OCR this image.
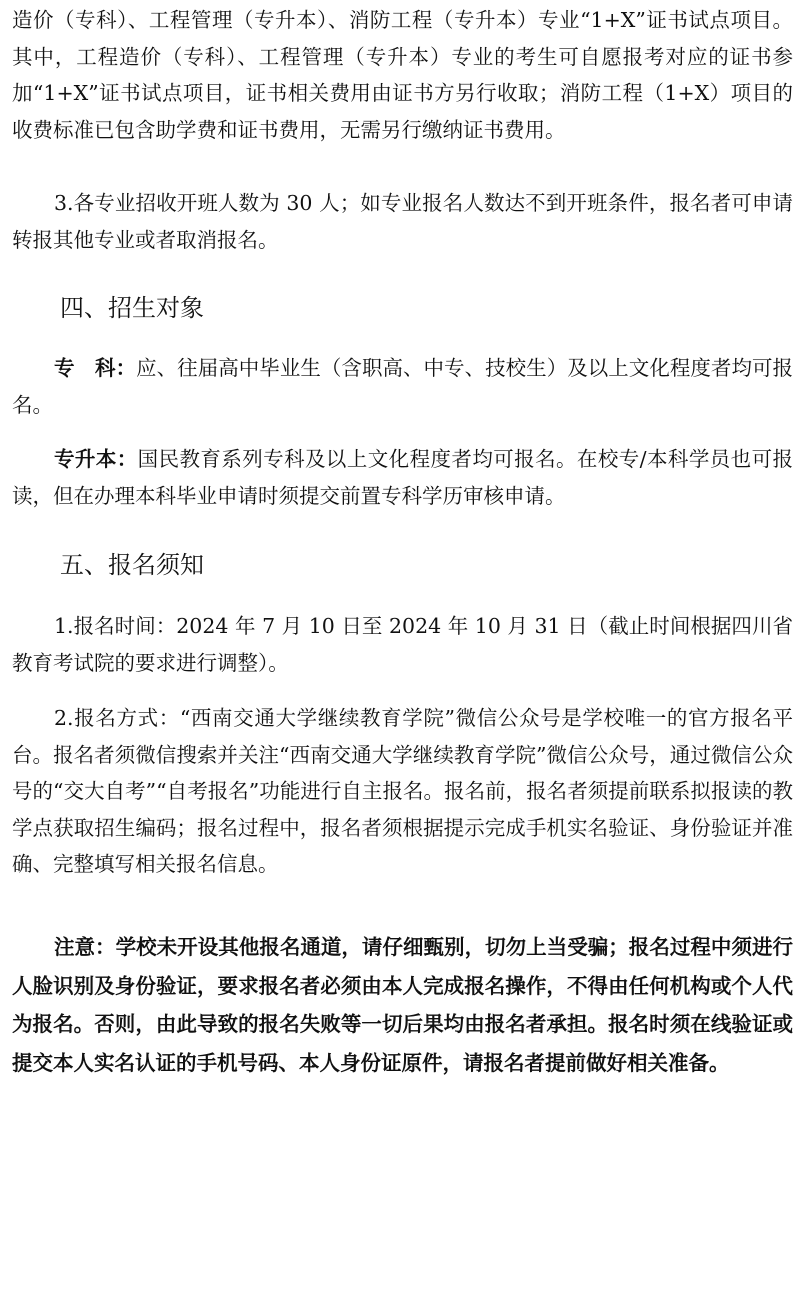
造价（专科）、工程管理（专升本）、消防工程（专升本）专业“1+X”证书试点项目。其中，工程造价（专科）、工程管理（专升本）专业的考生可自愿报考对应的证书参加“1+X”证书试点项目，证书相关费用由证书方另行收取；消防工程（1+X）项目的收费标准已包含助学费和证书费用，无需另行缴纳证书费用。

3.各专业招收开班人数为 30 人；如专业报名人数达不到开班条件，报名者可申请转报其他专业或者取消报名。

四、招生对象

专　科：应、往届高中毕业生（含职高、中专、技校生）及以上文化程度者均可报名。

专升本：国民教育系列专科及以上文化程度者均可报名。在校专/本科学员也可报读，但在办理本科毕业申请时须提交前置专科学历审核申请。

五、报名须知

1.报名时间：2024 年 7 月 10 日至 2024 年 10 月 31 日（截止时间根据四川省教育考试院的要求进行调整）。

2.报名方式：“西南交通大学继续教育学院”微信公众号是学校唯一的官方报名平台。报名者须微信搜索并关注“西南交通大学继续教育学院”微信公众号，通过微信公众号的“交大自考”“自考报名”功能进行自主报名。报名前，报名者须提前联系拟报读的教学点获取招生编码；报名过程中，报名者须根据提示完成手机实名验证、身份验证并准确、完整填写相关报名信息。

注意：学校未开设其他报名通道，请仔细甄别，切勿上当受骗；报名过程中须进行人脸识别及身份验证，要求报名者必须由本人完成报名操作，不得由任何机构或个人代为报名。否则，由此导致的报名失败等一切后果均由报名者承担。报名时须在线验证或提交本人实名认证的手机号码、本人身份证原件，请报名者提前做好相关准备。
